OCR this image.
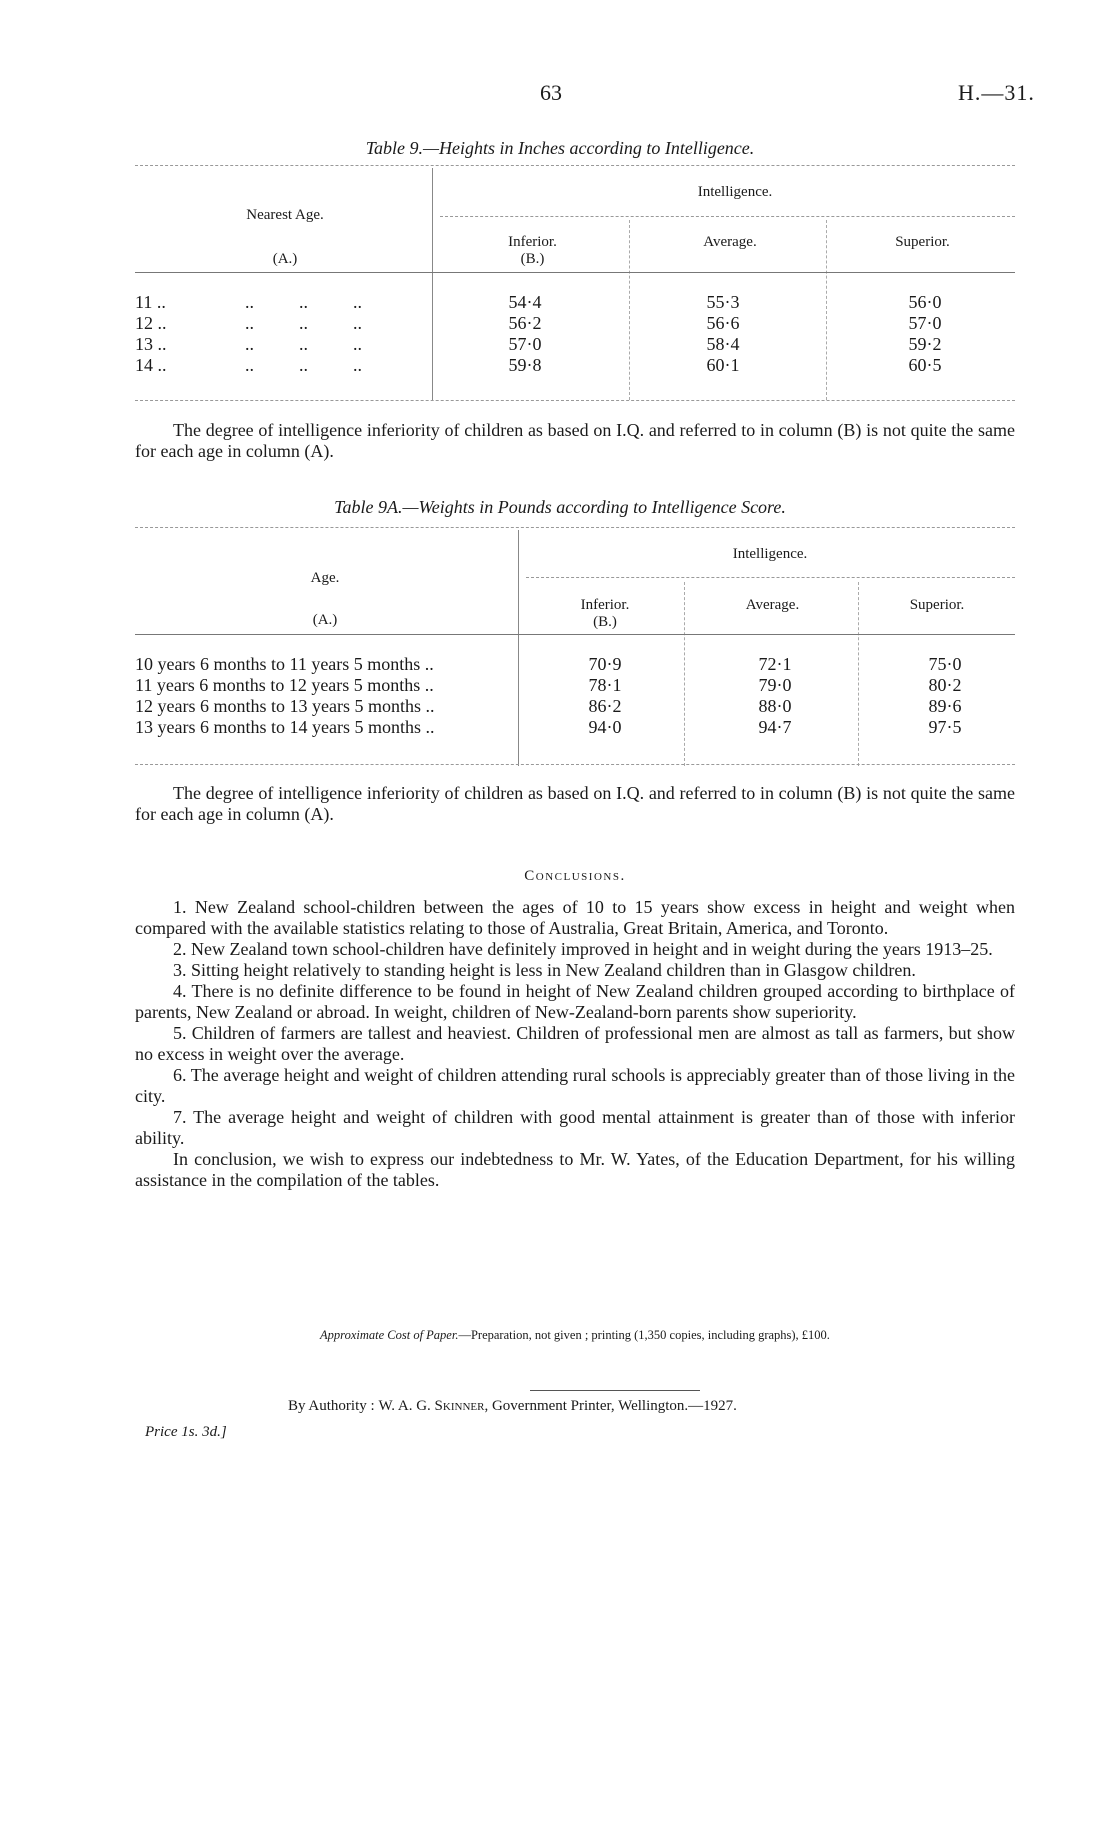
63	H.—31.
Table 9.—Heights in Inches according to Intelligence.
Nearest Age.
(A.)
Intelligence.
Inferior.
(B.)
Average.	Superior.
11 ..	..          ..          ..	54·4	55·3	56·0
12 ..	..          ..          ..	56·2	56·6	57·0
13 ..	..          ..          ..	57·0	58·4	59·2
14 ..	..          ..          ..	59·8	60·1	60·5

The degree of intelligence inferiority of children as based on I.Q. and referred to in column (B) is not quite the same for each age in column (A).

Table 9A.—Weights in Pounds according to Intelligence Score.
Age.
(A.)
Intelligence.
Inferior.
(B.)
Average.	Superior.
10 years 6 months to 11 years 5 months ..	70·9	72·1	75·0
11 years 6 months to 12 years 5 months ..	78·1	79·0	80·2
12 years 6 months to 13 years 5 months ..	86·2	88·0	89·6
13 years 6 months to 14 years 5 months ..	94·0	94·7	97·5

The degree of intelligence inferiority of children as based on I.Q. and referred to in column (B) is not quite the same for each age in column (A).

Conclusions.

1. New Zealand school-children between the ages of 10 to 15 years show excess in height and weight when compared with the available statistics relating to those of Australia, Great Britain, America, and Toronto.

2. New Zealand town school-children have definitely improved in height and in weight during the years 1913–25.

3. Sitting height relatively to standing height is less in New Zealand children than in Glasgow children.

4. There is no definite difference to be found in height of New Zealand children grouped according to birthplace of parents, New Zealand or abroad. In weight, children of New-Zealand-born parents show superiority.

5. Children of farmers are tallest and heaviest. Children of professional men are almost as tall as farmers, but show no excess in weight over the average.

6. The average height and weight of children attending rural schools is appreciably greater than of those living in the city.

7. The average height and weight of children with good mental attainment is greater than of those with inferior ability.

In conclusion, we wish to express our indebtedness to Mr. W. Yates, of the Education Department, for his willing assistance in the compilation of the tables.

Approximate Cost of Paper.—Preparation, not given ; printing (1,350 copies, including graphs), £100.
By Authority : W. A. G. Skinner, Government Printer, Wellington.—1927.
Price 1s. 3d.]
